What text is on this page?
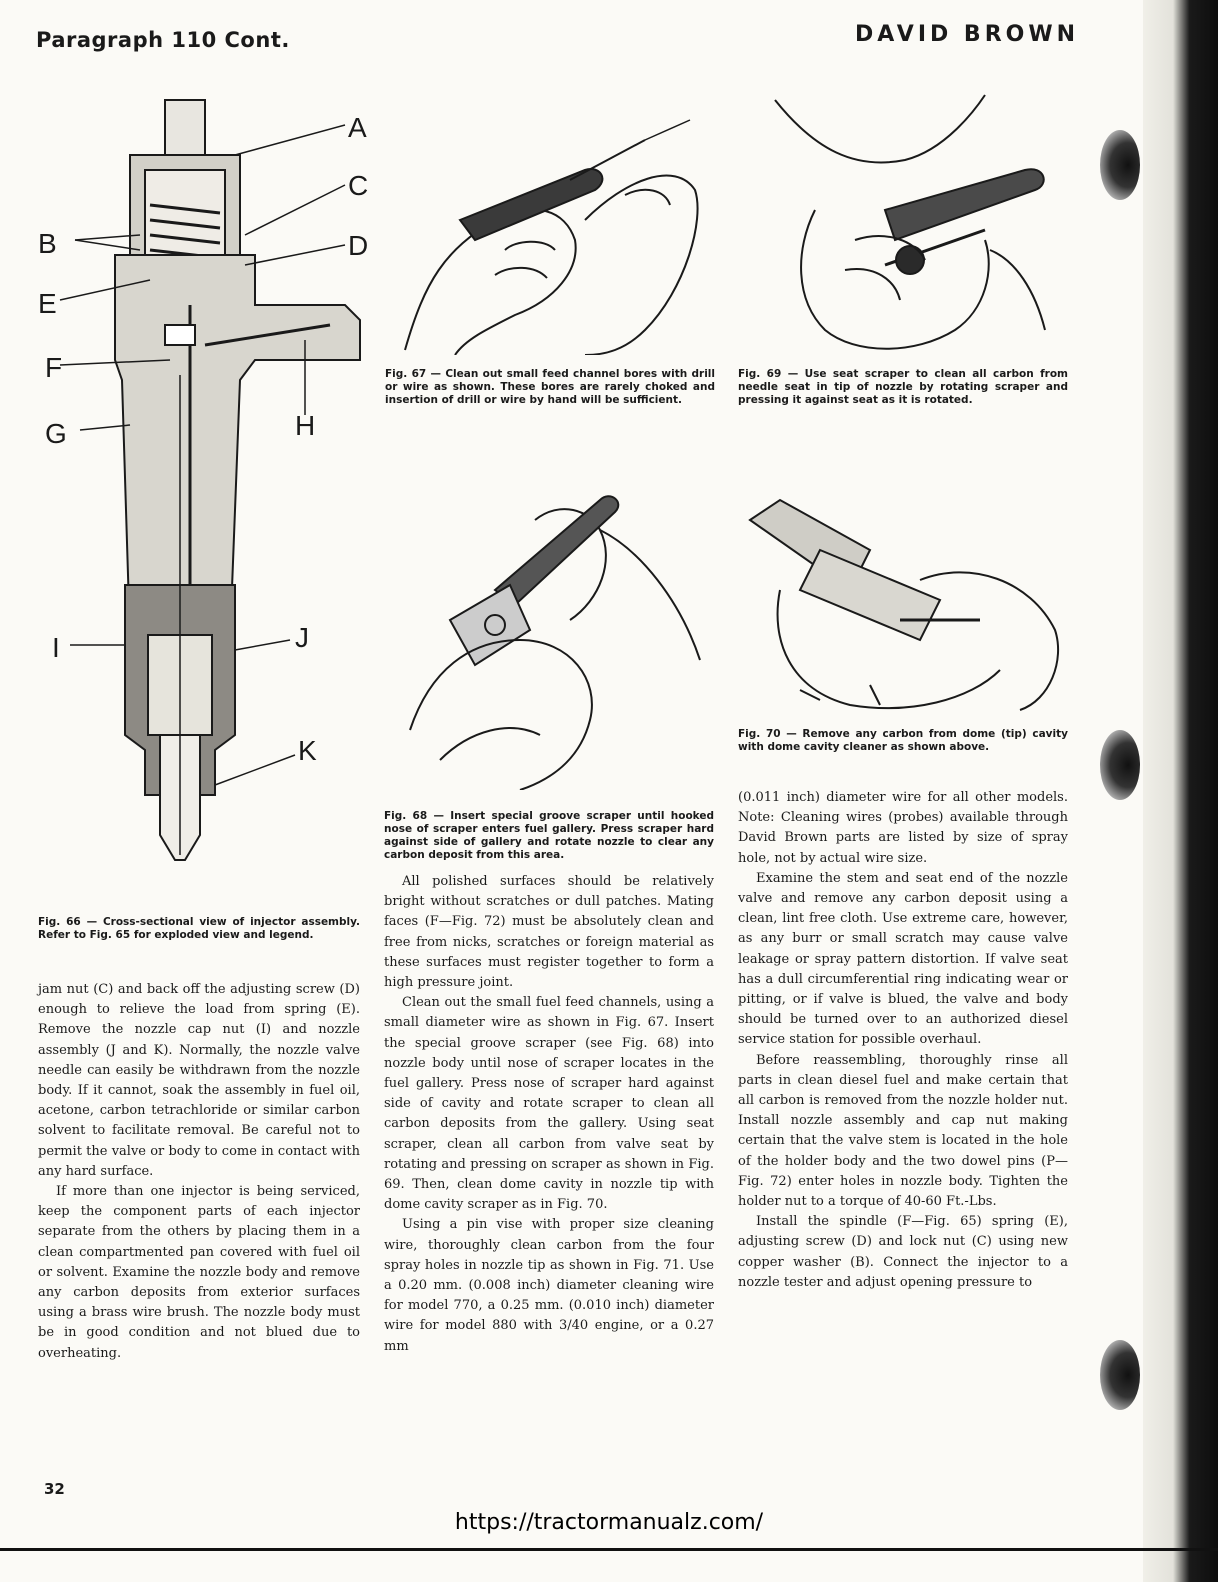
Paragraph 110 Cont.	DAVID BROWN
A
B
C
D
E
F
G	H
I	J
K
Fig. 66 — Cross-sectional view of injector assembly. Refer to Fig. 65 for exploded view and legend.
Fig. 67 — Clean out small feed channel bores with drill or wire as shown. These bores are rarely choked and insertion of drill or wire by hand will be sufficient.
Fig. 69 — Use seat scraper to clean all carbon from needle seat in tip of nozzle by rotating scraper and pressing it against seat as it is rotated.
Fig. 68 — Insert special groove scraper until hooked nose of scraper enters fuel gallery. Press scraper hard against side of gallery and rotate nozzle to clear any carbon deposit from this area.
Fig. 70 — Remove any carbon from dome (tip) cavity with dome cavity cleaner as shown above.

jam nut (C) and back off the adjusting screw (D) enough to relieve the load from spring (E). Remove the nozzle cap nut (I) and nozzle assembly (J and K). Normally, the nozzle valve needle can easily be withdrawn from the nozzle body. If it cannot, soak the assembly in fuel oil, acetone, carbon tetrachloride or similar carbon solvent to facilitate removal. Be careful not to permit the valve or body to come in contact with any hard surface.

If more than one injector is being serviced, keep the component parts of each injector separate from the others by placing them in a clean compartmented pan covered with fuel oil or solvent. Examine the nozzle body and remove any carbon deposits from exterior surfaces using a brass wire brush. The nozzle body must be in good condition and not blued due to overheating.

All polished surfaces should be relatively bright without scratches or dull patches. Mating faces (F—Fig. 72) must be absolutely clean and free from nicks, scratches or foreign material as these surfaces must register together to form a high pressure joint.

Clean out the small fuel feed channels, using a small diameter wire as shown in Fig. 67. Insert the special groove scraper (see Fig. 68) into nozzle body until nose of scraper locates in the fuel gallery. Press nose of scraper hard against side of cavity and rotate scraper to clean all carbon deposits from the gallery. Using seat scraper, clean all carbon from valve seat by rotating and pressing on scraper as shown in Fig. 69. Then, clean dome cavity in nozzle tip with dome cavity scraper as in Fig. 70.

Using a pin vise with proper size cleaning wire, thoroughly clean carbon from the four spray holes in nozzle tip as shown in Fig. 71. Use a 0.20 mm. (0.008 inch) diameter cleaning wire for model 770, a 0.25 mm. (0.010 inch) diameter wire for model 880 with 3/40 engine, or a 0.27 mm

(0.011 inch) diameter wire for all other models. Note: Cleaning wires (probes) available through David Brown parts are listed by size of spray hole, not by actual wire size.

Examine the stem and seat end of the nozzle valve and remove any carbon deposit using a clean, lint free cloth. Use extreme care, however, as any burr or small scratch may cause valve leakage or spray pattern distortion. If valve seat has a dull circumferential ring indicating wear or pitting, or if valve is blued, the valve and body should be turned over to an authorized diesel service station for possible overhaul.

Before reassembling, thoroughly rinse all parts in clean diesel fuel and make certain that all carbon is removed from the nozzle holder nut. Install nozzle assembly and cap nut making certain that the valve stem is located in the hole of the holder body and the two dowel pins (P—Fig. 72) enter holes in nozzle body. Tighten the holder nut to a torque of 40-60 Ft.-Lbs.

Install the spindle (F—Fig. 65) spring (E), adjusting screw (D) and lock nut (C) using new copper washer (B). Connect the injector to a nozzle tester and adjust opening pressure to

32
https://tractormanualz.com/
